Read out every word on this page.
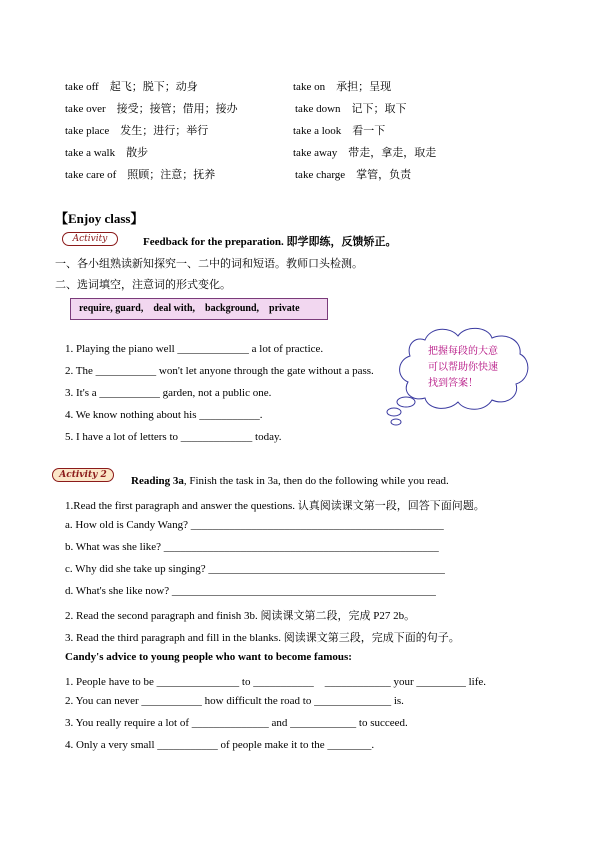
take off　起飞；脱下；动身	take on　承担；呈现
take over　接受；接管；借用；接办	take down　记下；取下
take place　发生；进行；举行	take a look　看一下
take a walk　散步	take away　带走，拿走，取走
take care of　照顾；注意；抚养	take charge　掌管，负责
【Enjoy class】
Activity	Feedback for the preparation. 即学即练，反馈矫正。
一、各小组熟读新知探究一、二中的词和短语。教师口头检测。
二、选词填空，注意词的形式变化。
require, guard,　deal with,　background,　private
1. Playing the piano well _____________ a lot of practice.
2. The ___________ won't let anyone through the gate without a pass.
3. It's a ___________ garden, not a public one.
4. We know nothing about his ___________.
5. I have a lot of letters to _____________ today.
把握每段的大意
可以帮助你快速
找到答案！
Activity 2	Reading 3a, Finish the task in 3a, then do the following while you read.
1.Read the first paragraph and answer the questions. 认真阅读课文第一段，回答下面问题。
a. How old is Candy Wang? ______________________________________________
b. What was she like? __________________________________________________
c. Why did she take up singing? ___________________________________________
d. What's she like now? ________________________________________________
2. Read the second paragraph and finish 3b. 阅读课文第二段，完成 P27 2b。
3. Read the third paragraph and fill in the blanks. 阅读课文第三段，完成下面的句子。
Candy's advice to young people who want to become famous:
1. People have to be _______________ to ___________　____________ your _________ life.
2. You can never ___________ how difficult the road to ______________ is.
3. You really require a lot of ______________ and ____________ to succeed.
4. Only a very small ___________ of people make it to the ________.
